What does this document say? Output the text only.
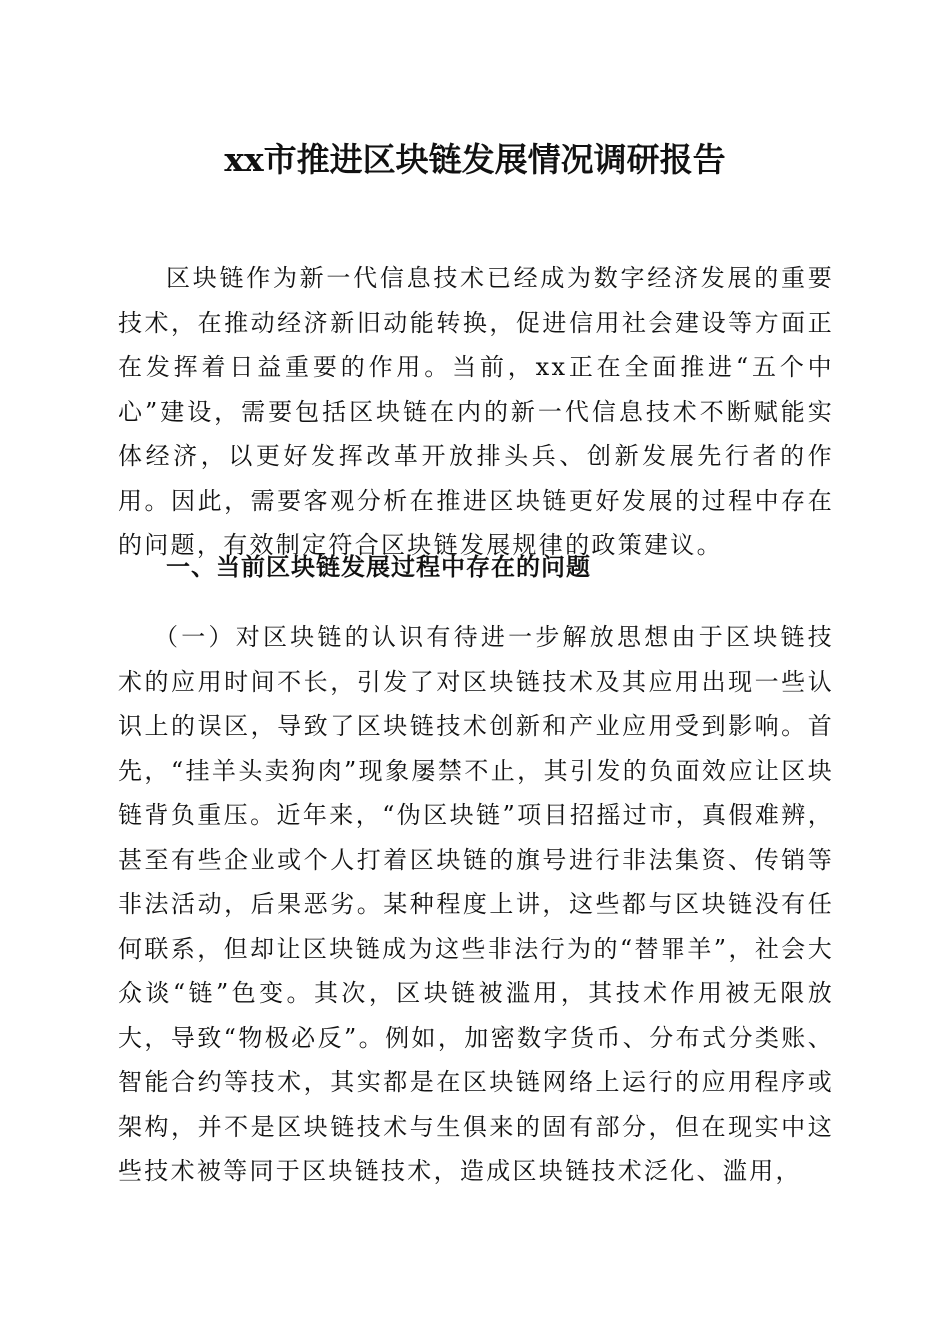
xx市推进区块链发展情况调研报告

区块链作为新一代信息技术已经成为数字经济发展的重要技术，在推动经济新旧动能转换，促进信用社会建设等方面正在发挥着日益重要的作用。当前，xx正在全面推进“五个中心”建设，需要包括区块链在内的新一代信息技术不断赋能实体经济，以更好发挥改革开放排头兵、创新发展先行者的作用。因此，需要客观分析在推进区块链更好发展的过程中存在的问题，有效制定符合区块链发展规律的政策建议。

一、当前区块链发展过程中存在的问题

（一）对区块链的认识有待进一步解放思想由于区块链技术的应用时间不长，引发了对区块链技术及其应用出现一些认识上的误区，导致了区块链技术创新和产业应用受到影响。首先，“挂羊头卖狗肉”现象屡禁不止，其引发的负面效应让区块链背负重压。近年来，“伪区块链”项目招摇过市，真假难辨，甚至有些企业或个人打着区块链的旗号进行非法集资、传销等非法活动，后果恶劣。某种程度上讲，这些都与区块链没有任何联系，但却让区块链成为这些非法行为的“替罪羊”，社会大众谈“链”色变。其次，区块链被滥用，其技术作用被无限放大，导致“物极必反”。例如，加密数字货币、分布式分类账、智能合约等技术，其实都是在区块链网络上运行的应用程序或架构，并不是区块链技术与生俱来的固有部分，但在现实中这些技术被等同于区块链技术，造成区块链技术泛化、滥用，
